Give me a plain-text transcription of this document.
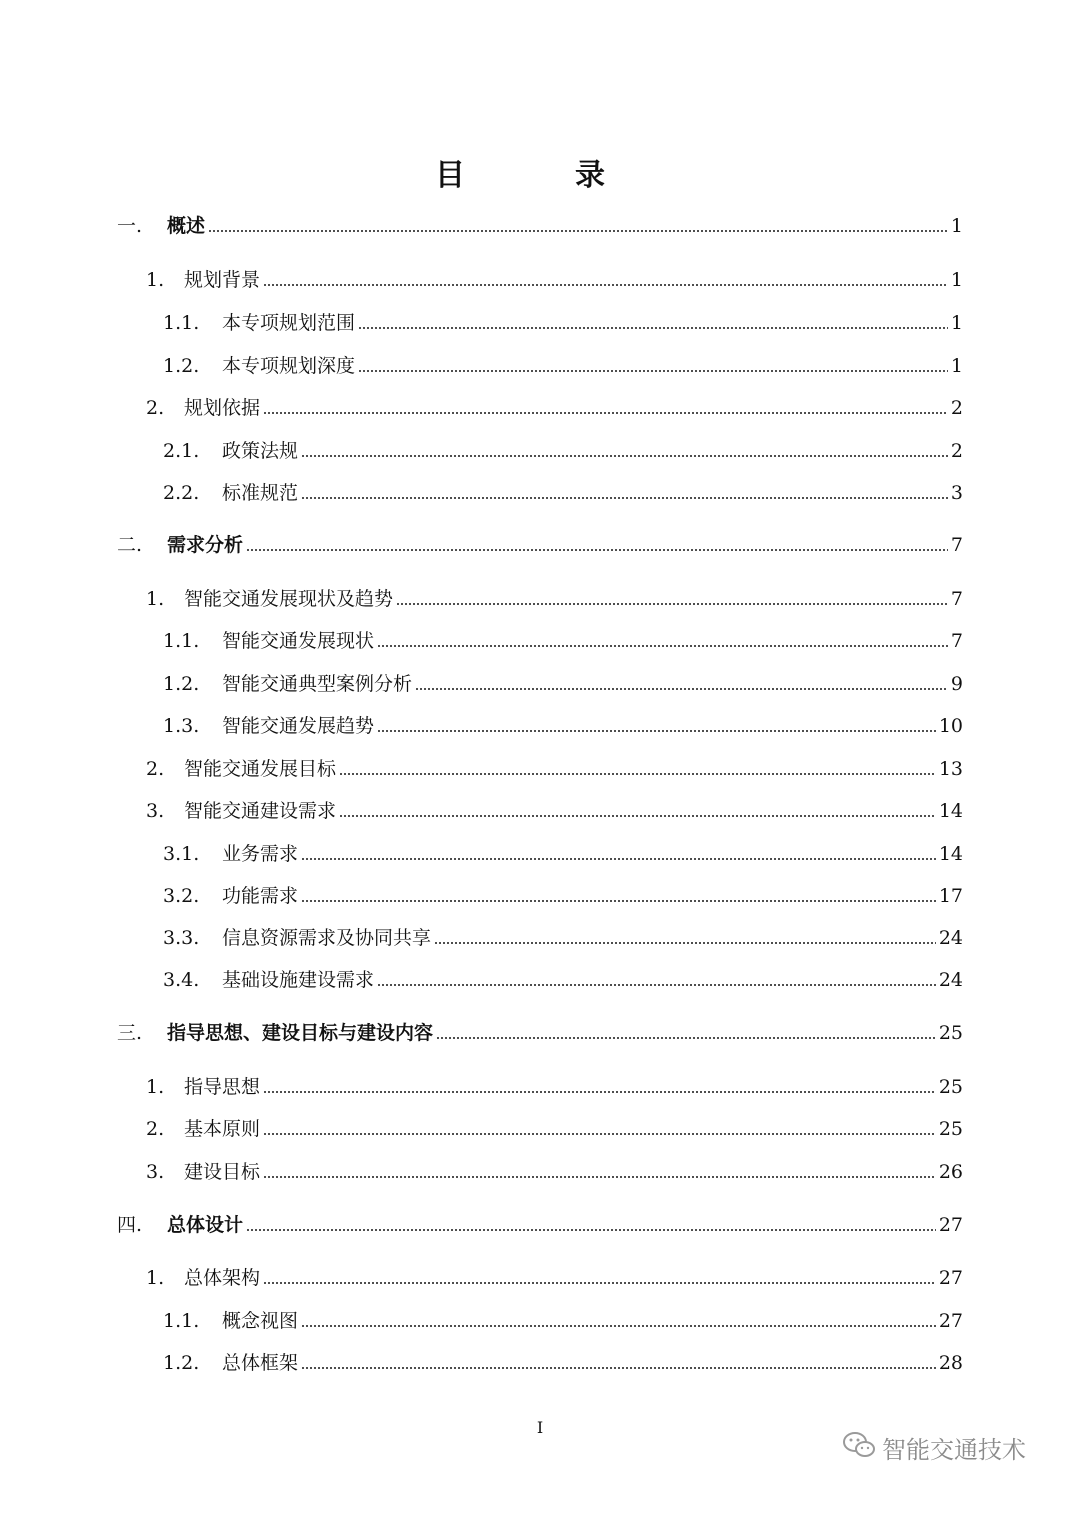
目　录
一.	概述	1
1.	规划背景	1
1.1.	本专项规划范围	1
1.2.	本专项规划深度	1
2.	规划依据	2
2.1.	政策法规	2
2.2.	标准规范	3
二.	需求分析	7
1.	智能交通发展现状及趋势	7
1.1.	智能交通发展现状	7
1.2.	智能交通典型案例分析	9
1.3.	智能交通发展趋势	10
2.	智能交通发展目标	13
3.	智能交通建设需求	14
3.1.	业务需求	14
3.2.	功能需求	17
3.3.	信息资源需求及协同共享	24
3.4.	基础设施建设需求	24
三.	指导思想、建设目标与建设内容	25
1.	指导思想	25
2.	基本原则	25
3.	建设目标	26
四.	总体设计	27
1.	总体架构	27
1.1.	概念视图	27
1.2.	总体框架	28
I
智能交通技术
